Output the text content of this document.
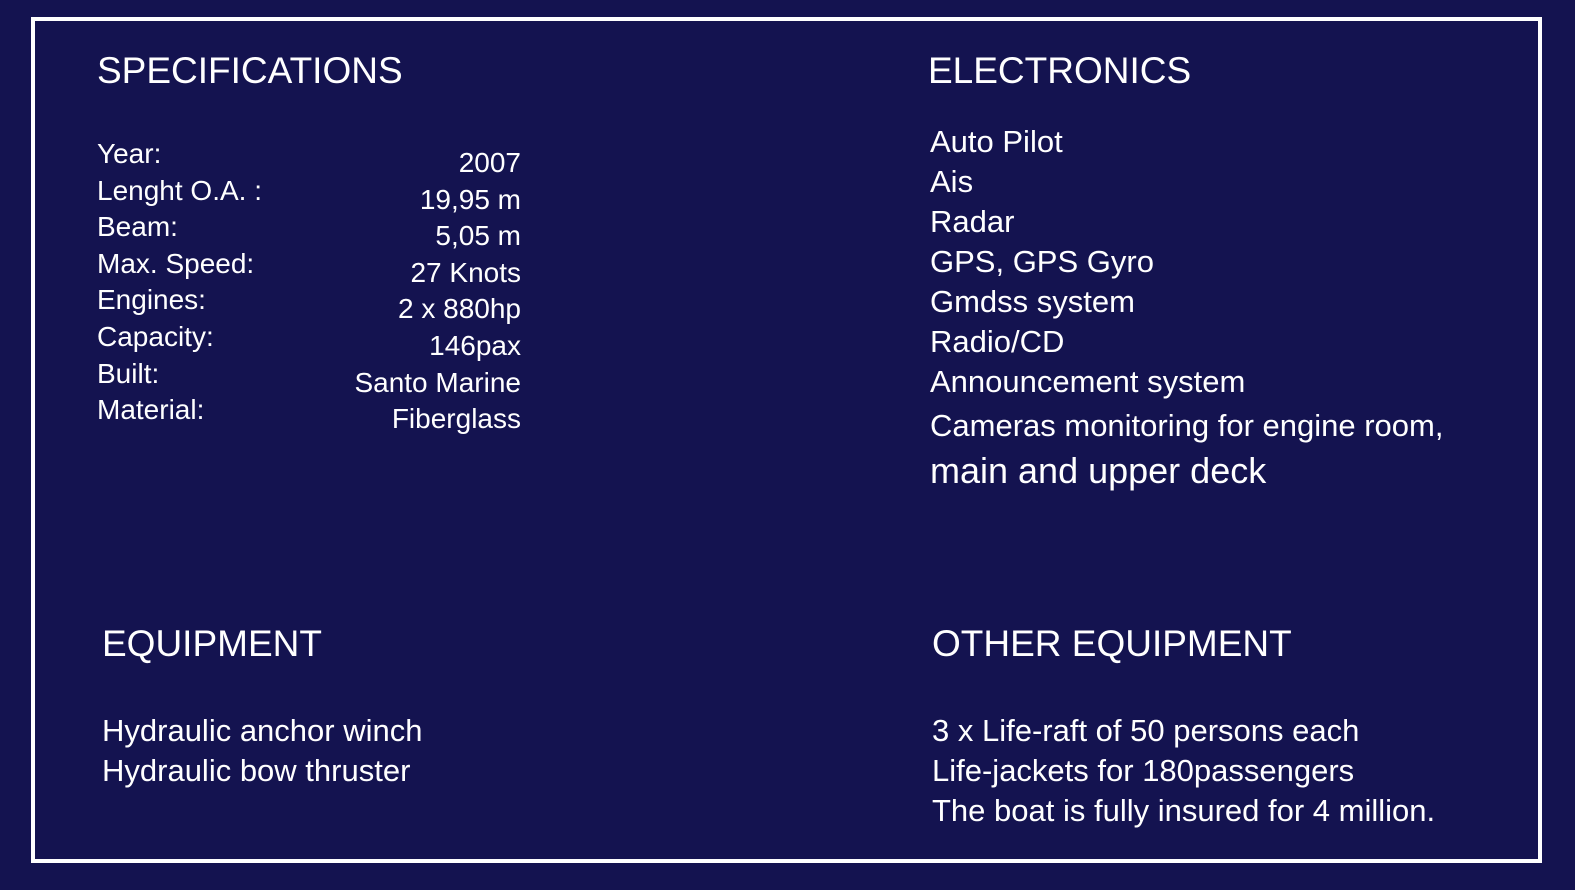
SPECIFICATIONS
Year:	2007
Lenght O.A. :	19,95 m
Beam:	5,05 m
Max. Speed:	27 Knots
Engines:	2 x 880hp
Capacity:	146pax
Built:	Santo Marine
Material:	Fiberglass
ELECTRONICS
Auto Pilot
Ais
Radar
GPS, GPS Gyro
Gmdss system
Radio/CD
Announcement system
Cameras monitoring for engine room,
main and upper deck
EQUIPMENT
Hydraulic anchor winch
Hydraulic bow thruster
OTHER EQUIPMENT
3 x Life-raft of 50 persons each
Life-jackets for 180passengers
The boat is fully insured for 4 million.
